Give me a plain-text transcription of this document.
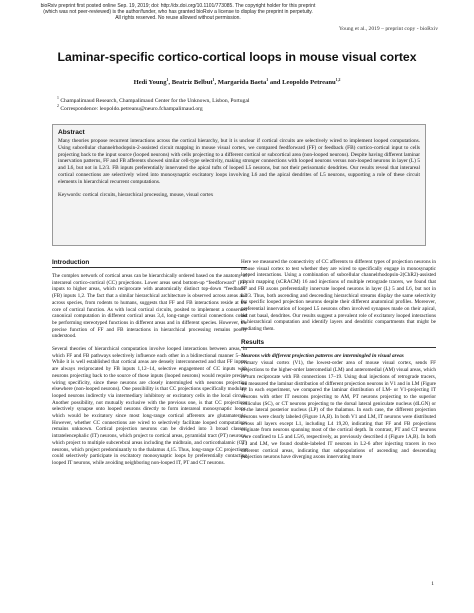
bioRxiv preprint first posted online Sep. 19, 2019; doi: http://dx.doi.org/10.1101/773085. The copyright holder for this preprint
(which was not peer-reviewed) is the author/funder, who has granted bioRxiv a license to display the preprint in perpetuity.
All rights reserved. No reuse allowed without permission.
Young et al., 2019 – preprint copy - bioRxiv
Laminar-specific cortico-cortical loops in mouse visual cortex
Hedi Young$^1$, Beatriz Belbut$^1$, Margarida Baeta$^1$ and Leopoldo Petreanu$^{1,2}$
$^1$ Champalimaud Research, Champalimaud Center for the Unknown, Lisbon, Portugal
$^2$ Correspondence: leopoldo.petreanu@neuro.fchampalimaud.org
Abstract

Many theories propose recurrent interactions across the cortical hierarchy, but it is unclear if cortical circuits are selectively wired to implement looped computations. Using subcellular channelrhodopsin-2-assisted circuit mapping in mouse visual cortex, we compared feedforward (FF) or feedback (FB) cortico-cortical input to cells projecting back to the input source (looped neurons) with cells projecting to a different cortical or subcortical area (non-looped neurons). Despite having different laminar innervation patterns, FF and FB afferents showed similar cell-type selectivity, making stronger connections with looped neurons versus non-looped neurons in layer (L) 5 and L6, but not in L2/3. FB inputs preferentially innervated the apical tufts of looped L5 neurons, but not their perisomatic dendrites. Our results reveal that interareal cortical connections are selectively wired into monosynaptic excitatory loops involving L6 and the apical dendrites of L5 neurons, supporting a role of these circuit elements in hierarchical recurrent computations.

Keywords: cortical circuits, hierarchical processing, mouse, visual cortex
Introduction

The complex network of cortical areas can be hierarchically ordered based on the anatomy of interareal cortico-cortical (CC) projections. Lower areas send bottom-up “feedforward” (FF) inputs to higher areas, which reciprocate with anatomically distinct top-down “feedback” (FB) inputs 1,2. The fact that a similar hierarchical architecture is observed across areas and across species, from rodents to humans, suggests that FF and FB interactions reside at the core of cortical function. As with local cortical circuits, posited to implement a conserved canonical computation in different cortical areas 3,4, long-range cortical connections could be performing stereotyped functions in different areas and in different species. However, the precise function of FF and FB interactions in hierarchical processing remains poorly understood.

Several theories of hierarchical computation involve looped interactions between areas, in which FF and FB pathways selectively influence each other in a bidirectional manner 5–11. While it is well established that cortical areas are densely interconnected and that FF inputs are always reciprocated by FB inputs 1,12–14, selective engagement of CC inputs with neurons projecting back to the source of those inputs (looped neurons) would require precise wiring specificity, since these neurons are closely intermingled with neurons projecting elsewhere (non-looped neurons). One possibility is that CC projections specifically modulate looped neurons indirectly via intermediary inhibitory or excitatory cells in the local circuit. Another possibility, not mutually exclusive with the previous one, is that CC projections selectively synapse onto looped neurons directly to form interareal monosynaptic loops, which would be excitatory since most long-range cortical afferents are glutamatergic. However, whether CC connections are wired to selectively facilitate looped computations remains unknown. Cortical projection neurons can be divided into 3 broad classes: intratelencephalic (IT) neurons, which project to cortical areas, pyramidal tract (PT) neurons, which project to multiple subcerebral areas including the midbrain, and corticothalamic (CT) neurons, which project predominantly to the thalamus 4,15. Thus, long-range CC projections could selectively participate in excitatory monosynaptic loops by preferentially contacting looped IT neurons, while avoiding neighboring non-looped IT, PT and CT neurons.

Here we measured the connectivity of CC afferents to different types of projection neurons in mouse visual cortex to test whether they are wired to specifically engage in monosynaptic looped interactions. Using a combination of subcellular channelrhodopsin-2(ChR2)-assisted circuit mapping (sCRACM) 16 and injections of multiple retrograde tracers, we found that FF and FB axons preferentially innervate looped neurons in layer (L) 5 and L6, but not in L2/3. Thus, both ascending and descending hierarchical streams display the same selectivity for specific looped projection neurons despite their different anatomical profiles. Moreover, preferential innervation of looped L5 neurons often involved synapses made on their apical, but not basal, dendrites. Our results suggest a prevalent role of excitatory looped interactions in hierarchical computation and identify layers and dendritic compartments that might be mediating them.

Results
Neurons with different projection patterns are intermingled in visual areas

Primary visual cortex (V1), the lowest-order area of mouse visual cortex, sends FF projections to the higher-order lateromedial (LM) and anteromedial (AM) visual areas, which in turn reciprocate with FB connections 17–19. Using dual injections of retrograde tracers, we measured the laminar distribution of different projection neurons in V1 and in LM (Figure 1). In each experiment, we compared the laminar distribution of LM- or V1-projecting IT neurons with other IT neurons projecting to AM, PT neurons projecting to the superior colliculus (SC), or CT neurons projecting to the dorsal lateral geniculate nucleus (dLGN) or to the lateral posterior nucleus (LP) of the thalamus. In each case, the different projection neurons were clearly labeled (Figure 1A,B). In both V1 and LM, IT neurons were distributed across all layers except L1, including L4 19,20, indicating that FF and FB projections originate from neurons spanning most of the cortical depth. In contrast, PT and CT neurons were confined to L5 and L5/6, respectively, as previously described 4 (Figure 1A,B). In both V1 and LM, we found double-labeled IT neurons in L2-6 after injecting tracers in two different cortical areas, indicating that subpopulations of ascending and descending projection neurons have diverging axons innervating more

1
